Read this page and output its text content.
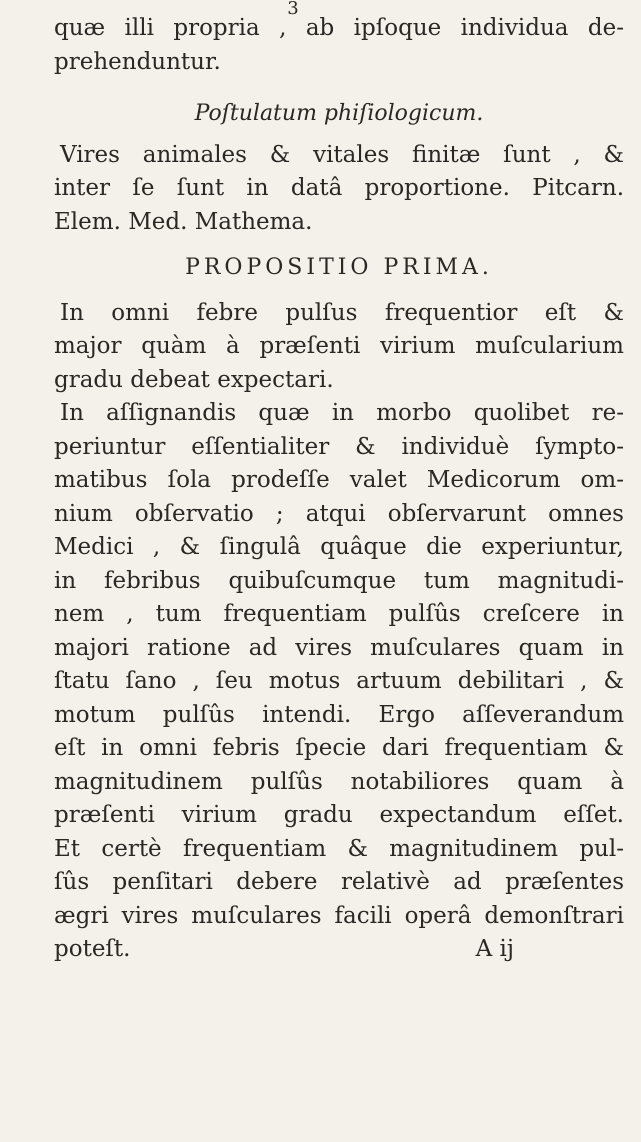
3

quæ illi propria , ab ipſoque individua de-

prehenduntur.

Poſtulatum phiſiologicum.

Vires animales & vitales finitæ ſunt , &

inter ſe ſunt in datâ proportione. Pitcarn.

Elem. Med. Mathema.

PROPOSITIO PRIMA.

In omni febre pulſus frequentior eſt &

major quàm à præſenti virium muſcularium

gradu debeat expectari.

In aſſignandis quæ in morbo quolibet re-

periuntur eſſentialiter & individuè ſympto-

matibus ſola prodeſſe valet Medicorum om-

nium obſervatio ; atqui obſervarunt omnes

Medici , & ſingulâ quâque die experiuntur,

in febribus quibuſcumque tum magnitudi-

nem , tum frequentiam pulſûs creſcere in

majori ratione ad vires muſculares quam in

ſtatu ſano , ſeu motus artuum debilitari , &

motum pulſûs intendi. Ergo aſſeverandum

eſt in omni febris ſpecie dari frequentiam &

magnitudinem pulſûs notabiliores quam à

præſenti virium gradu expectandum eſſet.

Et certè frequentiam & magnitudinem pul-

ſûs penſitari debere relativè ad præſentes

ægri vires muſculares facili operâ demonſtrari

poteſt.	A ij
